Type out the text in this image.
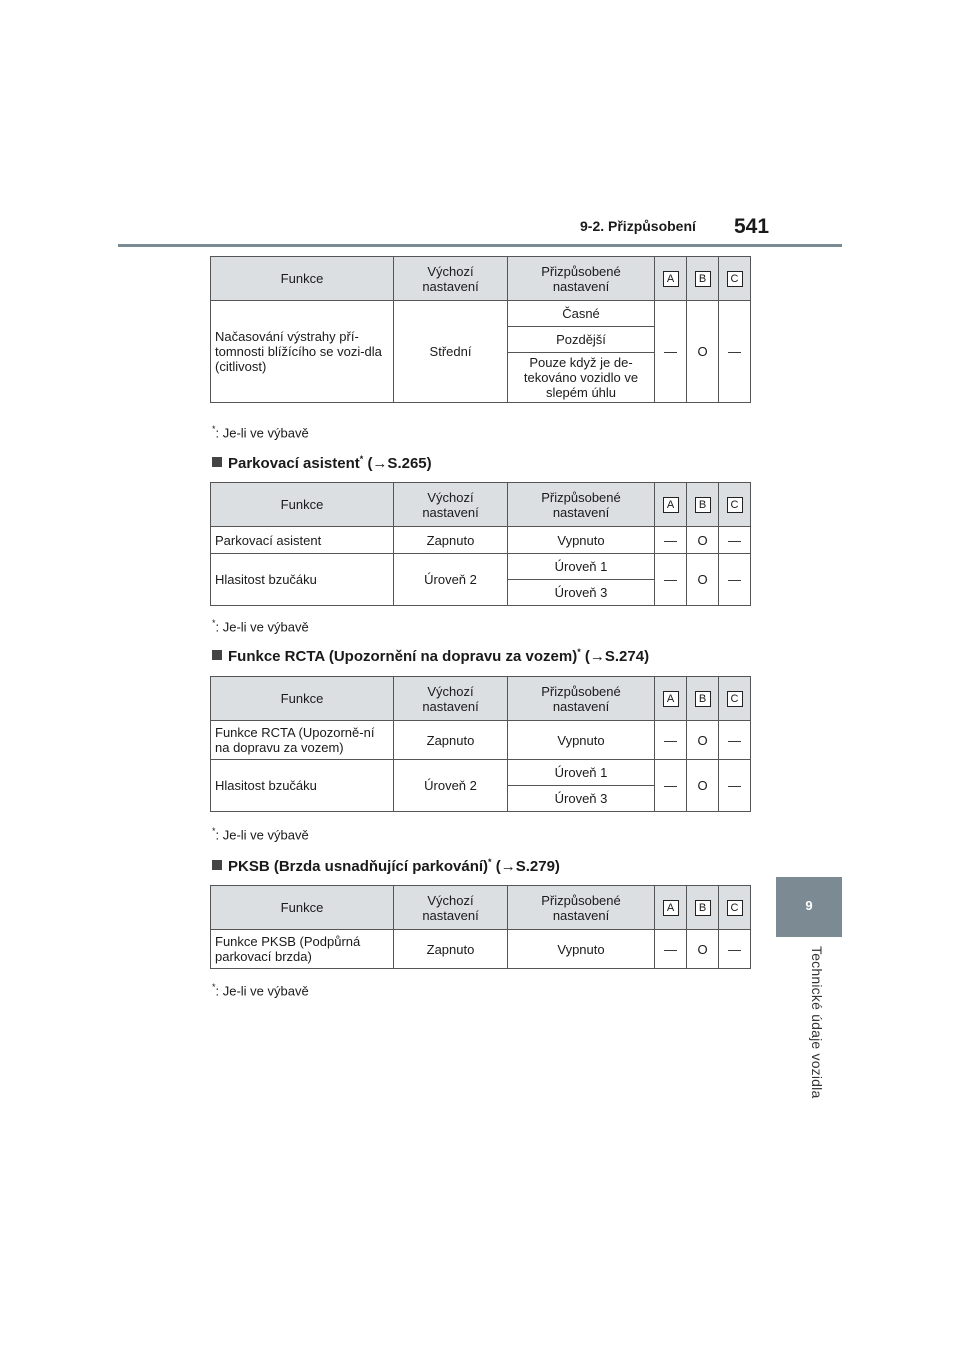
9-2. Přizpůsobení 541
9
Technické údaje vozidla
Funkce	Výchozí nastavení	Přizpůsobené nastavení	A	B	C
Načasování výstrahy pří-tomnosti blížícího se vozi-dla (citlivost)	Střední	Časné	—	O	—
		Pozdější			
		Pouze když je de-tekováno vozidlo ve slepém úhlu			
*: Je-li ve výbavě
Parkovací asistent* (→S.265)
Funkce	Výchozí nastavení	Přizpůsobené nastavení	A	B	C
Parkovací asistent	Zapnuto	Vypnuto	—	O	—
Hlasitost bzučáku	Úroveň 2	Úroveň 1	—	O	—
		Úroveň 3			
*: Je-li ve výbavě
Funkce RCTA (Upozornění na dopravu za vozem)* (→S.274)
Funkce	Výchozí nastavení	Přizpůsobené nastavení	A	B	C
Funkce RCTA (Upozorně-ní na dopravu za vozem)	Zapnuto	Vypnuto	—	O	—
Hlasitost bzučáku	Úroveň 2	Úroveň 1	—	O	—
		Úroveň 3			
*: Je-li ve výbavě
PKSB (Brzda usnadňující parkování)* (→S.279)
Funkce	Výchozí nastavení	Přizpůsobené nastavení	A	B	C
Funkce PKSB (Podpůrná parkovací brzda)	Zapnuto	Vypnuto	—	O	—
*: Je-li ve výbavě
